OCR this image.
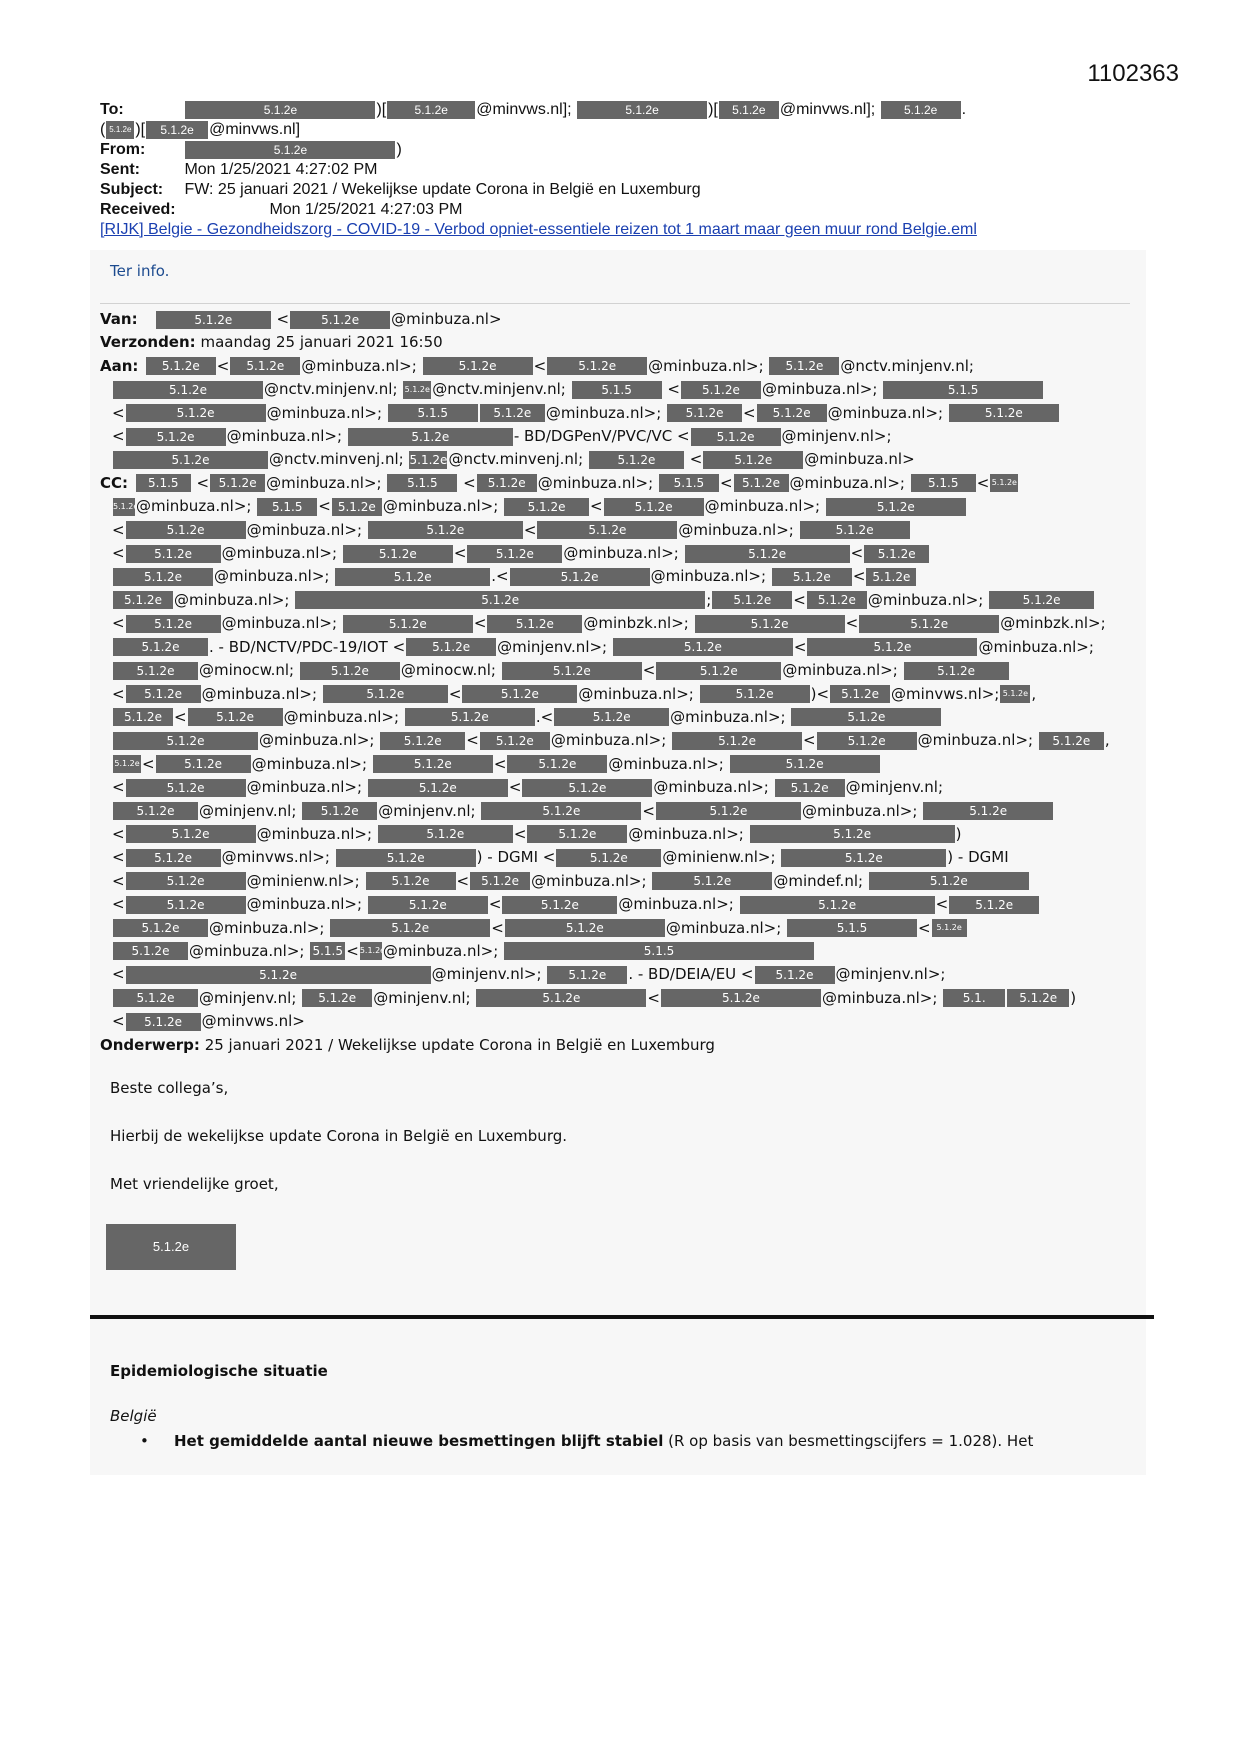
1102363
To:	5.1.2e	)[ 5.1.2e @minvws.nl];	5.1.2e	)[ 5.1.2e @minvws.nl]; 5.1.2e .
( 5.1.2e )[ 5.1.2e @minvws.nl]
From:	5.1.2e	)
Sent:	Mon 1/25/2021 4:27:02 PM
Subject: FW: 25 januari 2021 / Wekelijkse update Corona in België en Luxemburg
Received:	Mon 1/25/2021 4:27:03 PM
[RIJK] Belgie - Gezondheidszorg - COVID-19 - Verbod opniet-essentiele reizen tot 1 maart maar geen muur rond Belgie.eml
Ter info.
Van:	5.1.2e	<	5.1.2e @minbuza.nl>
Verzonden: maandag 25 januari 2021 16:50
Aan: 5.1.2e < 5.1.2e @minbuza.nl>;	5.1.2e <	5.1.2e @minbuza.nl>; 5.1.2e @nctv.minjenv.nl;
5.1.2e	@nctv.minjenv.nl; 5.1.2e @nctv.minjenv.nl;	5.1.5 < 5.1.2e @minbuza.nl>;	5.1.5
<	5.1.2e	@minbuza.nl>;	5.1.5	5.1.2e @minbuza.nl>; 5.1.2e < 5.1.2e @minbuza.nl>;	5.1.2e
<	5.1.2e @minbuza.nl>;	5.1.2e	- BD/DGPenV/PVC/VC < 5.1.2e @minjenv.nl>;
5.1.2e	@nctv.minvenj.nl; 5.1.2e@nctv.minvenj.nl;	5.1.2e <	5.1.2e @minbuza.nl>
CC: 5.1.5 < 5.1.2e @minbuza.nl>; 5.1.5 < 5.1.2e @minbuza.nl>; 5.1.5 < 5.1.2e @minbuza.nl>; 5.1.5 < 5.1.2e
5.1.2e@minbuza.nl>; 5.1.5 < 5.1.2e @minbuza.nl>; 5.1.2e <	5.1.2e @minbuza.nl>;	5.1.2e
<	5.1.2e	@minbuza.nl>;	5.1.2e	<	5.1.2e	@minbuza.nl>;	5.1.2e
< 5.1.2e @minbuza.nl>;	5.1.2e < 5.1.2e @minbuza.nl>;	5.1.2e	< 5.1.2e
5.1.2e @minbuza.nl>;	5.1.2e	.<	5.1.2e	@minbuza.nl>; 5.1.2e < 5.1.2e
5.1.2e @minbuza.nl>;	5.1.2e	; 5.1.2e < 5.1.2e @minbuza.nl>;	5.1.2e
< 5.1.2e @minbuza.nl>;	5.1.2e	< 5.1.2e @minbzk.nl>;	5.1.2e	<	5.1.2e	@minbzk.nl>;
5.1.2e . - BD/NCTV/PDC-19/IOT < 5.1.2e @minjenv.nl>;	5.1.2e	<	5.1.2e	@minbuza.nl>;
5.1.2e @minocw.nl;	5.1.2e @minocw.nl;	5.1.2e	<	5.1.2e	@minbuza.nl>;	5.1.2e
< 5.1.2e @minbuza.nl>;	5.1.2e	<	5.1.2e	@minbuza.nl>;	5.1.2e )< 5.1.2e @minvws.nl>; 5.1.2e ,
5.1.2e < 5.1.2e @minbuza.nl>;	5.1.2e	.<	5.1.2e	@minbuza.nl>;	5.1.2e
5.1.2e	@minbuza.nl>; 5.1.2e < 5.1.2e @minbuza.nl>;	5.1.2e	<	5.1.2e @minbuza.nl>; 5.1.2e ,
5.1.2e < 5.1.2e @minbuza.nl>;	5.1.2e	<	5.1.2e @minbuza.nl>;	5.1.2e
<	5.1.2e	@minbuza.nl>;	5.1.2e	<	5.1.2e	@minbuza.nl>; 5.1.2e @minjenv.nl;
5.1.2e @minjenv.nl; 5.1.2e @minjenv.nl;	5.1.2e	<	5.1.2e	@minbuza.nl>;	5.1.2e
<	5.1.2e	@minbuza.nl>;	5.1.2e	<	5.1.2e @minbuza.nl>;	5.1.2e	)
< 5.1.2e @minvws.nl>;	5.1.2e	) - DGMI <	5.1.2e @minienw.nl>;	5.1.2e	) - DGMI
<	5.1.2e	@minienw.nl>;	5.1.2e < 5.1.2e @minbuza.nl>;	5.1.2e	@mindef.nl;	5.1.2e
<	5.1.2e	@minbuza.nl>;	5.1.2e	<	5.1.2e	@minbuza.nl>;	5.1.2e	< 5.1.2e
5.1.2e @minbuza.nl>;	5.1.2e	<	5.1.2e	@minbuza.nl>;	5.1.5	< 5.1.2e
5.1.2e @minbuza.nl>; 5.1.5 <5.1.2e@minbuza.nl>;	5.1.5
<	5.1.2e	@minjenv.nl>; 5.1.2e . - BD/DEIA/EU < 5.1.2e @minjenv.nl>;
5.1.2e @minjenv.nl; 5.1.2e @minjenv.nl;	5.1.2e	<	5.1.2e	@minbuza.nl>; 5.1.	5.1.2e )
< 5.1.2e @minvws.nl>
Onderwerp: 25 januari 2021 / Wekelijkse update Corona in België en Luxemburg
Beste collega’s,
Hierbij de wekelijkse update Corona in België en Luxemburg.
Met vriendelijke groet,
5.1.2e
Epidemiologische situatie
België
• Het gemiddelde aantal nieuwe besmettingen blijft stabiel (R op basis van besmettingscijfers = 1.028). Het
